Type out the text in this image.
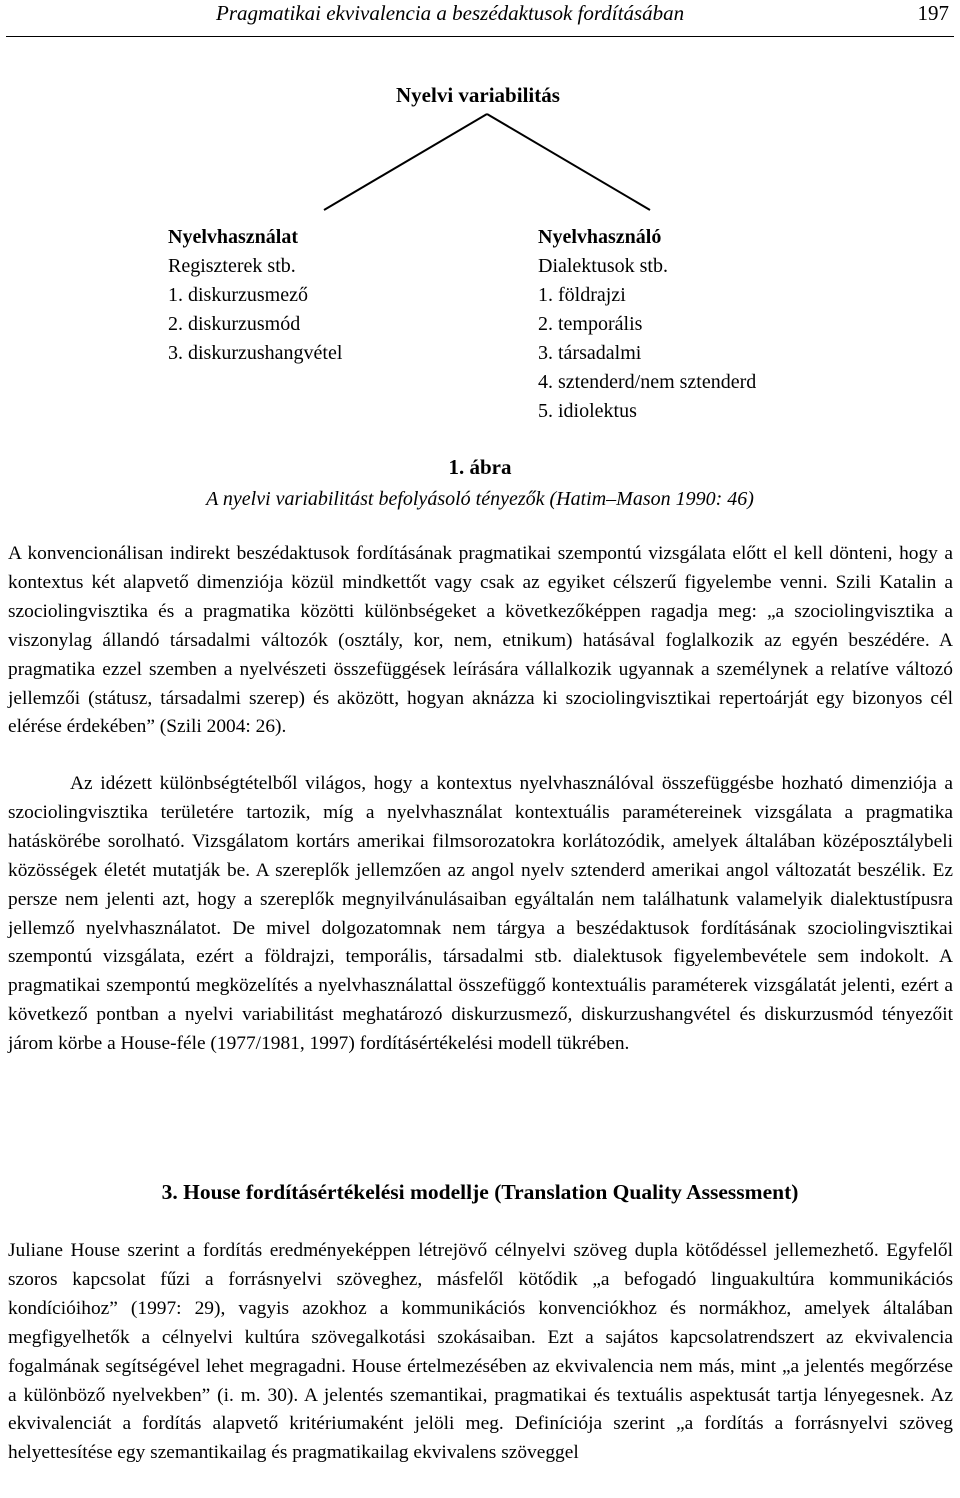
Pragmatikai ekvivalencia a beszédaktusok fordításában	197
Nyelvi variabilitás
Nyelvhasználat
Regiszterek stb.
1. diskurzusmező
2. diskurzusmód
3. diskurzushangvétel
Nyelvhasználó
Dialektusok stb.
1. földrajzi
2. temporális
3. társadalmi
4. sztenderd/nem sztenderd
5. idiolektus
1. ábra
A nyelvi variabilitást befolyásoló tényezők (Hatim–Mason 1990: 46)

A konvencionálisan indirekt beszédaktusok fordításának pragmatikai szempontú vizsgálata előtt el kell dönteni, hogy a kontextus két alapvető dimenziója közül mindkettőt vagy csak az egyiket célszerű figyelembe venni. Szili Katalin a szociolingvisztika és a pragmatika közötti különbségeket a következőképpen ragadja meg: „a szociolingvisztika a viszonylag állandó társadalmi változók (osztály, kor, nem, etnikum) hatásával foglalkozik az egyén beszédére. A pragmatika ezzel szemben a nyelvészeti összefüggések leírására vállalkozik ugyannak a személynek a relatíve változó jellemzői (státusz, társadalmi szerep) és aközött, hogyan aknázza ki szociolingvisztikai repertoárját egy bizonyos cél elérése érdekében” (Szili 2004: 26).

Az idézett különbségtételből világos, hogy a kontextus nyelvhasználóval összefüggésbe hozható dimenziója a szociolingvisztika területére tartozik, míg a nyelvhasználat kontextuális paramétereinek vizsgálata a pragmatika hatáskörébe sorolható. Vizsgálatom kortárs amerikai filmsorozatokra korlátozódik, amelyek általában középosztálybeli közösségek életét mutatják be. A szereplők jellemzően az angol nyelv sztenderd amerikai angol változatát beszélik. Ez persze nem jelenti azt, hogy a szereplők megnyilvánulásaiban egyáltalán nem találhatunk valamelyik dialektustípusra jellemző nyelvhasználatot. De mivel dolgozatomnak nem tárgya a beszédaktusok fordításának szociolingvisztikai szempontú vizsgálata, ezért a földrajzi, temporális, társadalmi stb. dialektusok figyelembevétele sem indokolt. A pragmatikai szempontú megközelítés a nyelvhasználattal összefüggő kontextuális paraméterek vizsgálatát jelenti, ezért a következő pontban a nyelvi variabilitást meghatározó diskurzusmező, diskurzushangvétel és diskurzusmód tényezőit járom körbe a House-féle (1977/1981, 1997) fordításértékelési modell tükrében.

3. House fordításértékelési modellje (Translation Quality Assessment)

Juliane House szerint a fordítás eredményeképpen létrejövő célnyelvi szöveg dupla kötődéssel jellemezhető. Egyfelől szoros kapcsolat fűzi a forrásnyelvi szöveghez, másfelől kötődik „a befogadó linguakultúra kommunikációs kondícióihoz” (1997: 29), vagyis azokhoz a kommunikációs konvenciókhoz és normákhoz, amelyek általában megfigyelhetők a célnyelvi kultúra szövegalkotási szokásaiban. Ezt a sajátos kapcsolatrendszert az ekvivalencia fogalmának segítségével lehet megragadni. House értelmezésében az ekvivalencia nem más, mint „a jelentés megőrzése a különböző nyelvekben” (i. m. 30). A jelentés szemantikai, pragmatikai és textuális aspektusát tartja lényegesnek. Az ekvivalenciát a fordítás alapvető kritériumaként jelöli meg. Definíciója szerint „a fordítás a forrásnyelvi szöveg helyettesítése egy szemantikailag és pragmatikailag ekvivalens szöveggel
